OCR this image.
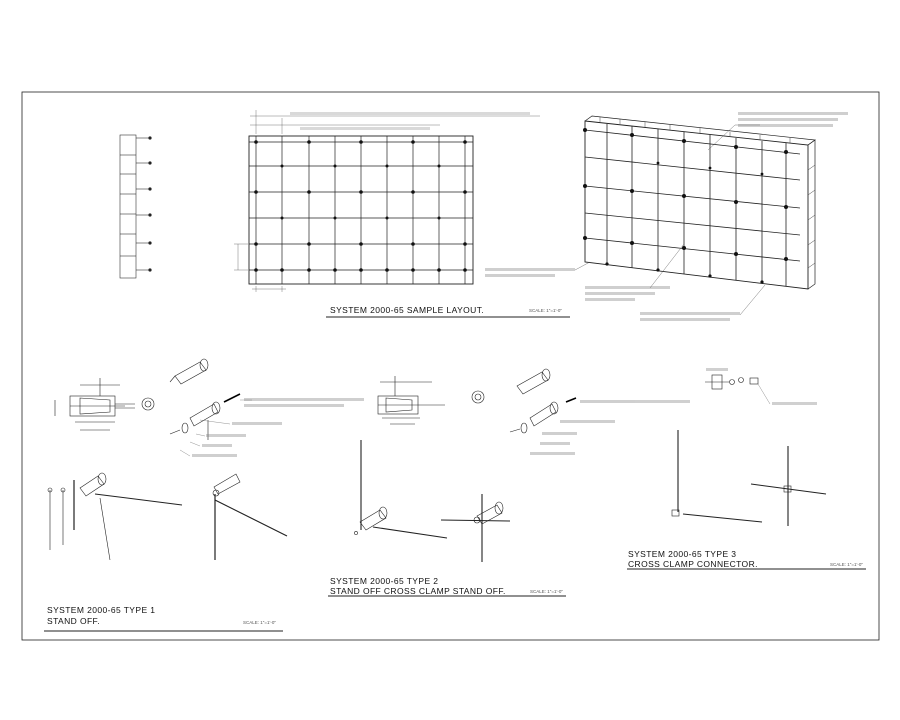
SYSTEM 2000-65 SAMPLE LAYOUT.	SCALE: 1"=1'-0"
SYSTEM 2000-65 TYPE 1
STAND OFF.	SCALE: 1"=1'-0"
SYSTEM 2000-65 TYPE 2
STAND OFF CROSS CLAMP STAND OFF.	SCALE: 1"=1'-0"
SYSTEM 2000-65 TYPE 3
CROSS CLAMP CONNECTOR.	SCALE: 1"=1'-0"
